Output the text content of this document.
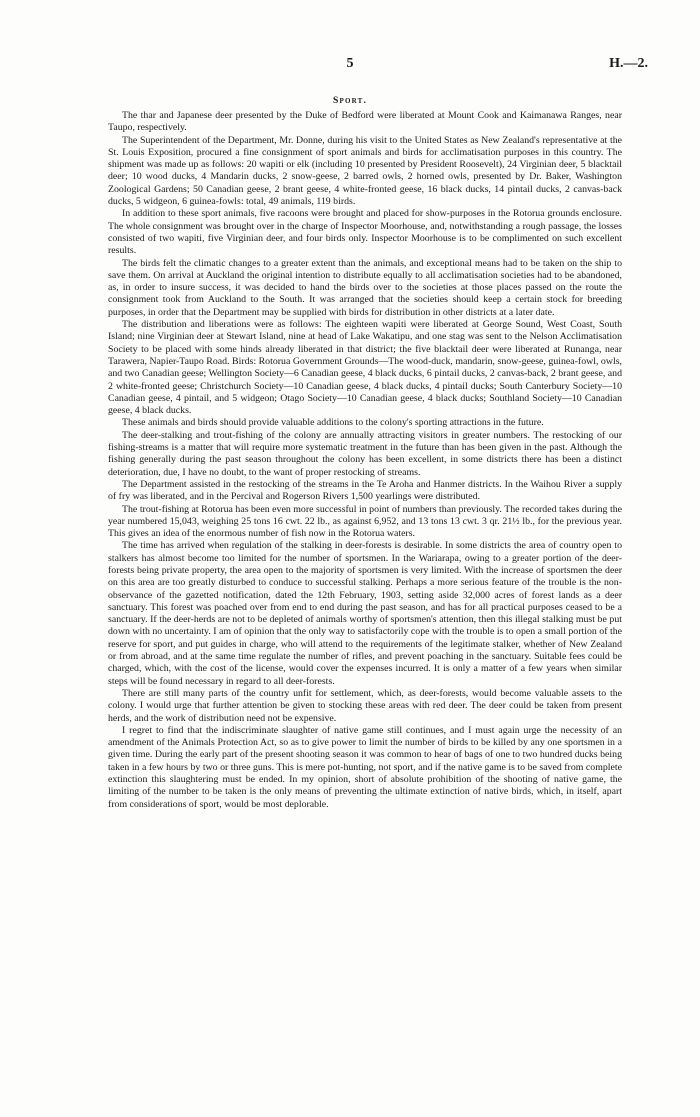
5	H.—2.
Sport.

The thar and Japanese deer presented by the Duke of Bedford were liberated at Mount Cook and Kaimanawa Ranges, near Taupo, respectively.

The Superintendent of the Department, Mr. Donne, during his visit to the United States as New Zealand's representative at the St. Louis Exposition, procured a fine consignment of sport animals and birds for acclimatisation purposes in this country. The shipment was made up as follows: 20 wapiti or elk (including 10 presented by President Roosevelt), 24 Virginian deer, 5 blacktail deer; 10 wood ducks, 4 Mandarin ducks, 2 snow-geese, 2 barred owls, 2 horned owls, presented by Dr. Baker, Washington Zoological Gardens; 50 Canadian geese, 2 brant geese, 4 white-fronted geese, 16 black ducks, 14 pintail ducks, 2 canvas-back ducks, 5 widgeon, 6 guinea-fowls: total, 49 animals, 119 birds.

In addition to these sport animals, five racoons were brought and placed for show-purposes in the Rotorua grounds enclosure. The whole consignment was brought over in the charge of Inspector Moorhouse, and, notwithstanding a rough passage, the losses consisted of two wapiti, five Virginian deer, and four birds only. Inspector Moorhouse is to be complimented on such excellent results.

The birds felt the climatic changes to a greater extent than the animals, and exceptional means had to be taken on the ship to save them. On arrival at Auckland the original intention to distribute equally to all acclimatisation societies had to be abandoned, as, in order to insure success, it was decided to hand the birds over to the societies at those places passed on the route the consignment took from Auckland to the South. It was arranged that the societies should keep a certain stock for breeding purposes, in order that the Department may be supplied with birds for distribution in other districts at a later date.

The distribution and liberations were as follows: The eighteen wapiti were liberated at George Sound, West Coast, South Island; nine Virginian deer at Stewart Island, nine at head of Lake Wakatipu, and one stag was sent to the Nelson Acclimatisation Society to be placed with some hinds already liberated in that district; the five blacktail deer were liberated at Runanga, near Tarawera, Napier-Taupo Road. Birds: Rotorua Government Grounds—The wood-duck, mandarin, snow-geese, guinea-fowl, owls, and two Canadian geese; Wellington Society—6 Canadian geese, 4 black ducks, 6 pintail ducks, 2 canvas-back, 2 brant geese, and 2 white-fronted geese; Christchurch Society—10 Canadian geese, 4 black ducks, 4 pintail ducks; South Canterbury Society—10 Canadian geese, 4 pintail, and 5 widgeon; Otago Society—10 Canadian geese, 4 black ducks; Southland Society—10 Canadian geese, 4 black ducks.

These animals and birds should provide valuable additions to the colony's sporting attractions in the future.

The deer-stalking and trout-fishing of the colony are annually attracting visitors in greater numbers. The restocking of our fishing-streams is a matter that will require more systematic treatment in the future than has been given in the past. Although the fishing generally during the past season throughout the colony has been excellent, in some districts there has been a distinct deterioration, due, I have no doubt, to the want of proper restocking of streams.

The Department assisted in the restocking of the streams in the Te Aroha and Hanmer districts. In the Waihou River a supply of fry was liberated, and in the Percival and Rogerson Rivers 1,500 yearlings were distributed.

The trout-fishing at Rotorua has been even more successful in point of numbers than previously. The recorded takes during the year numbered 15,043, weighing 25 tons 16 cwt. 22 lb., as against 6,952, and 13 tons 13 cwt. 3 qr. 21½ lb., for the previous year. This gives an idea of the enormous number of fish now in the Rotorua waters.

The time has arrived when regulation of the stalking in deer-forests is desirable. In some districts the area of country open to stalkers has almost become too limited for the number of sportsmen. In the Wariarapa, owing to a greater portion of the deer-forests being private property, the area open to the majority of sportsmen is very limited. With the increase of sportsmen the deer on this area are too greatly disturbed to conduce to successful stalking. Perhaps a more serious feature of the trouble is the non-observance of the gazetted notification, dated the 12th February, 1903, setting aside 32,000 acres of forest lands as a deer sanctuary. This forest was poached over from end to end during the past season, and has for all practical purposes ceased to be a sanctuary. If the deer-herds are not to be depleted of animals worthy of sportsmen's attention, then this illegal stalking must be put down with no uncertainty. I am of opinion that the only way to satisfactorily cope with the trouble is to open a small portion of the reserve for sport, and put guides in charge, who will attend to the requirements of the legitimate stalker, whether of New Zealand or from abroad, and at the same time regulate the number of rifles, and prevent poaching in the sanctuary. Suitable fees could be charged, which, with the cost of the license, would cover the expenses incurred. It is only a matter of a few years when similar steps will be found necessary in regard to all deer-forests.

There are still many parts of the country unfit for settlement, which, as deer-forests, would become valuable assets to the colony. I would urge that further attention be given to stocking these areas with red deer. The deer could be taken from present herds, and the work of distribution need not be expensive.

I regret to find that the indiscriminate slaughter of native game still continues, and I must again urge the necessity of an amendment of the Animals Protection Act, so as to give power to limit the number of birds to be killed by any one sportsmen in a given time. During the early part of the present shooting season it was common to hear of bags of one to two hundred ducks being taken in a few hours by two or three guns. This is mere pot-hunting, not sport, and if the native game is to be saved from complete extinction this slaughtering must be ended. In my opinion, short of absolute prohibition of the shooting of native game, the limiting of the number to be taken is the only means of preventing the ultimate extinction of native birds, which, in itself, apart from considerations of sport, would be most deplorable.
